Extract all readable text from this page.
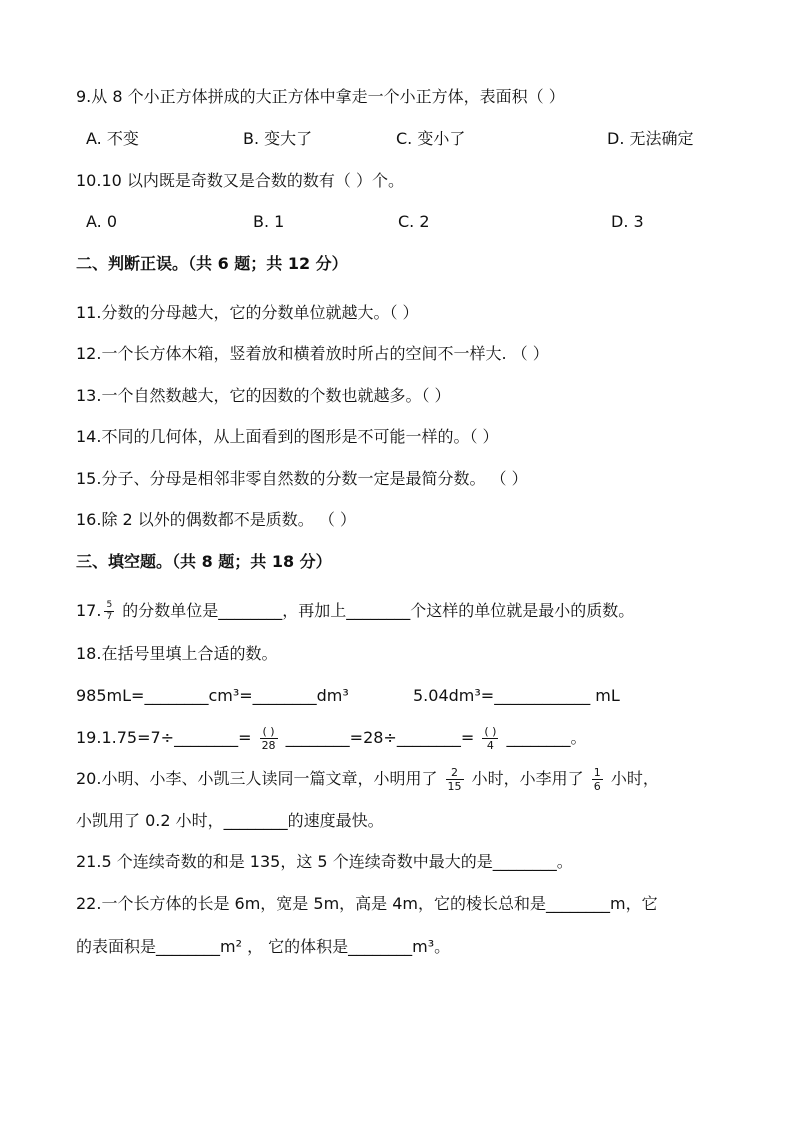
9.从 8 个小正方体拼成的大正方体中拿走一个小正方体，表面积（ ）
A. 不变	B. 变大了	C. 变小了	D. 无法确定
10.10 以内既是奇数又是合数的数有（ ）个。
A. 0	B. 1	C. 2	D. 3
二、判断正误。（共 6 题；共 12 分）
11.分数的分母越大，它的分数单位就越大。（ ）
12.一个长方体木箱，竖着放和横着放时所占的空间不一样大. （ ）
13.一个自然数越大，它的因数的个数也就越多。（ ）
14.不同的几何体，从上面看到的图形是不可能一样的。（ ）
15.分子、分母是相邻非零自然数的分数一定是最简分数。 （ ）
16.除 2 以外的偶数都不是质数。 （ ）
三、填空题。（共 8 题；共 18 分）
17. $\frac{5}{7}$ 的分数单位是________，再加上________个这样的单位就是最小的质数。
18.在括号里填上合适的数。
985mL=________cm³=________dm³	5.04dm³=____________ mL
19.1.75=7÷________= $\frac{( )}{28}$ ________=28÷________= $\frac{( )}{4}$ ________。
20.小明、小李、小凯三人读同一篇文章，小明用了 $\frac{2}{15}$ 小时，小李用了 $\frac{1}{6}$ 小时，
小凯用了 0.2 小时，________的速度最快。
21.5 个连续奇数的和是 135，这 5 个连续奇数中最大的是________。
22.一个长方体的长是 6m，宽是 5m，高是 4m，它的棱长总和是________m，它
的表面积是________m² ， 它的体积是________m³。
